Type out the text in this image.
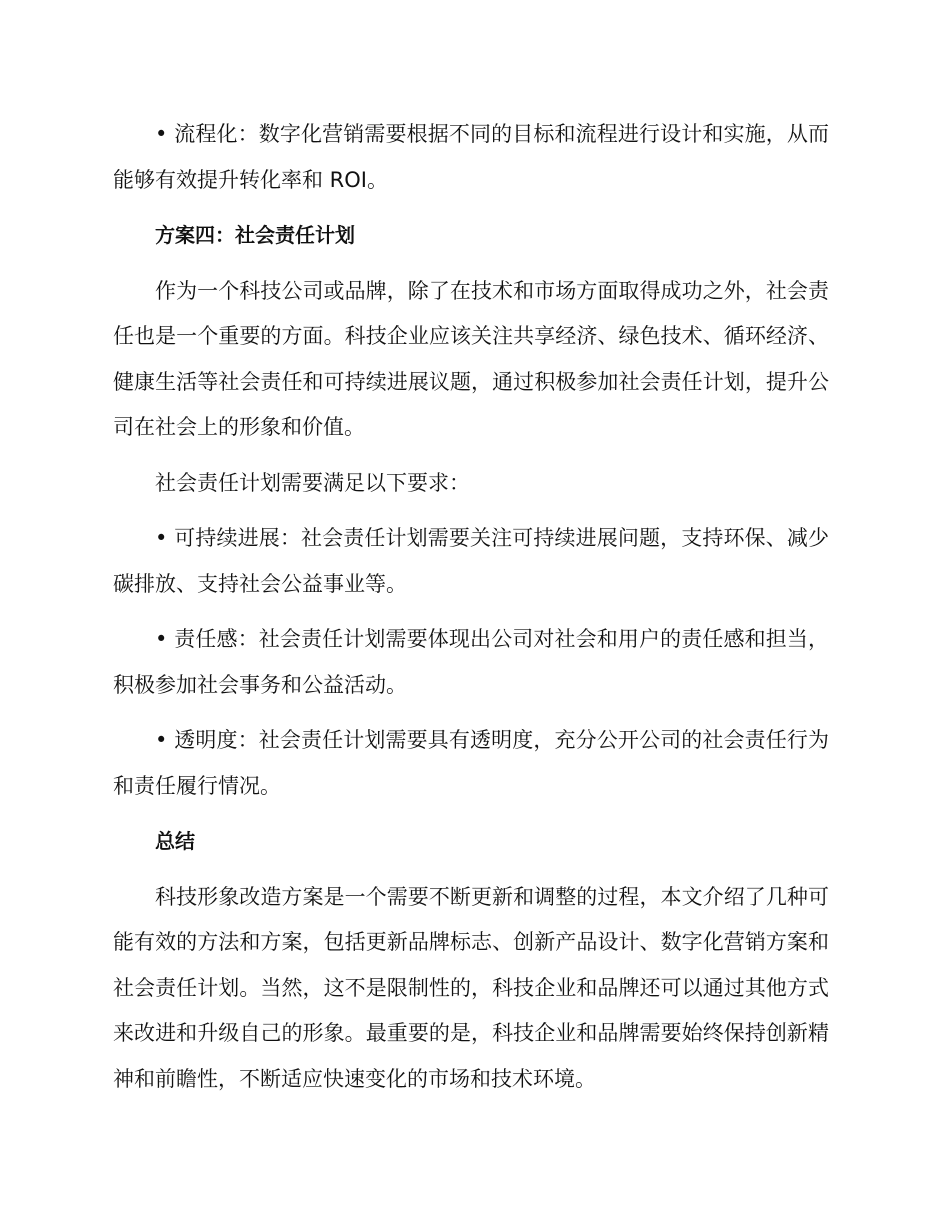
• 流程化：数字化营销需要根据不同的目标和流程进行设计和实施，从而能够有效提升转化率和 ROI。

方案四：社会责任计划

作为一个科技公司或品牌，除了在技术和市场方面取得成功之外，社会责任也是一个重要的方面。科技企业应该关注共享经济、绿色技术、循环经济、健康生活等社会责任和可持续进展议题，通过积极参加社会责任计划，提升公司在社会上的形象和价值。

社会责任计划需要满足以下要求：

• 可持续进展：社会责任计划需要关注可持续进展问题，支持环保、减少碳排放、支持社会公益事业等。

• 责任感：社会责任计划需要体现出公司对社会和用户的责任感和担当，积极参加社会事务和公益活动。

• 透明度：社会责任计划需要具有透明度，充分公开公司的社会责任行为和责任履行情况。

总结

科技形象改造方案是一个需要不断更新和调整的过程，本文介绍了几种可能有效的方法和方案，包括更新品牌标志、创新产品设计、数字化营销方案和社会责任计划。当然，这不是限制性的，科技企业和品牌还可以通过其他方式来改进和升级自己的形象。最重要的是，科技企业和品牌需要始终保持创新精神和前瞻性，不断适应快速变化的市场和技术环境。
